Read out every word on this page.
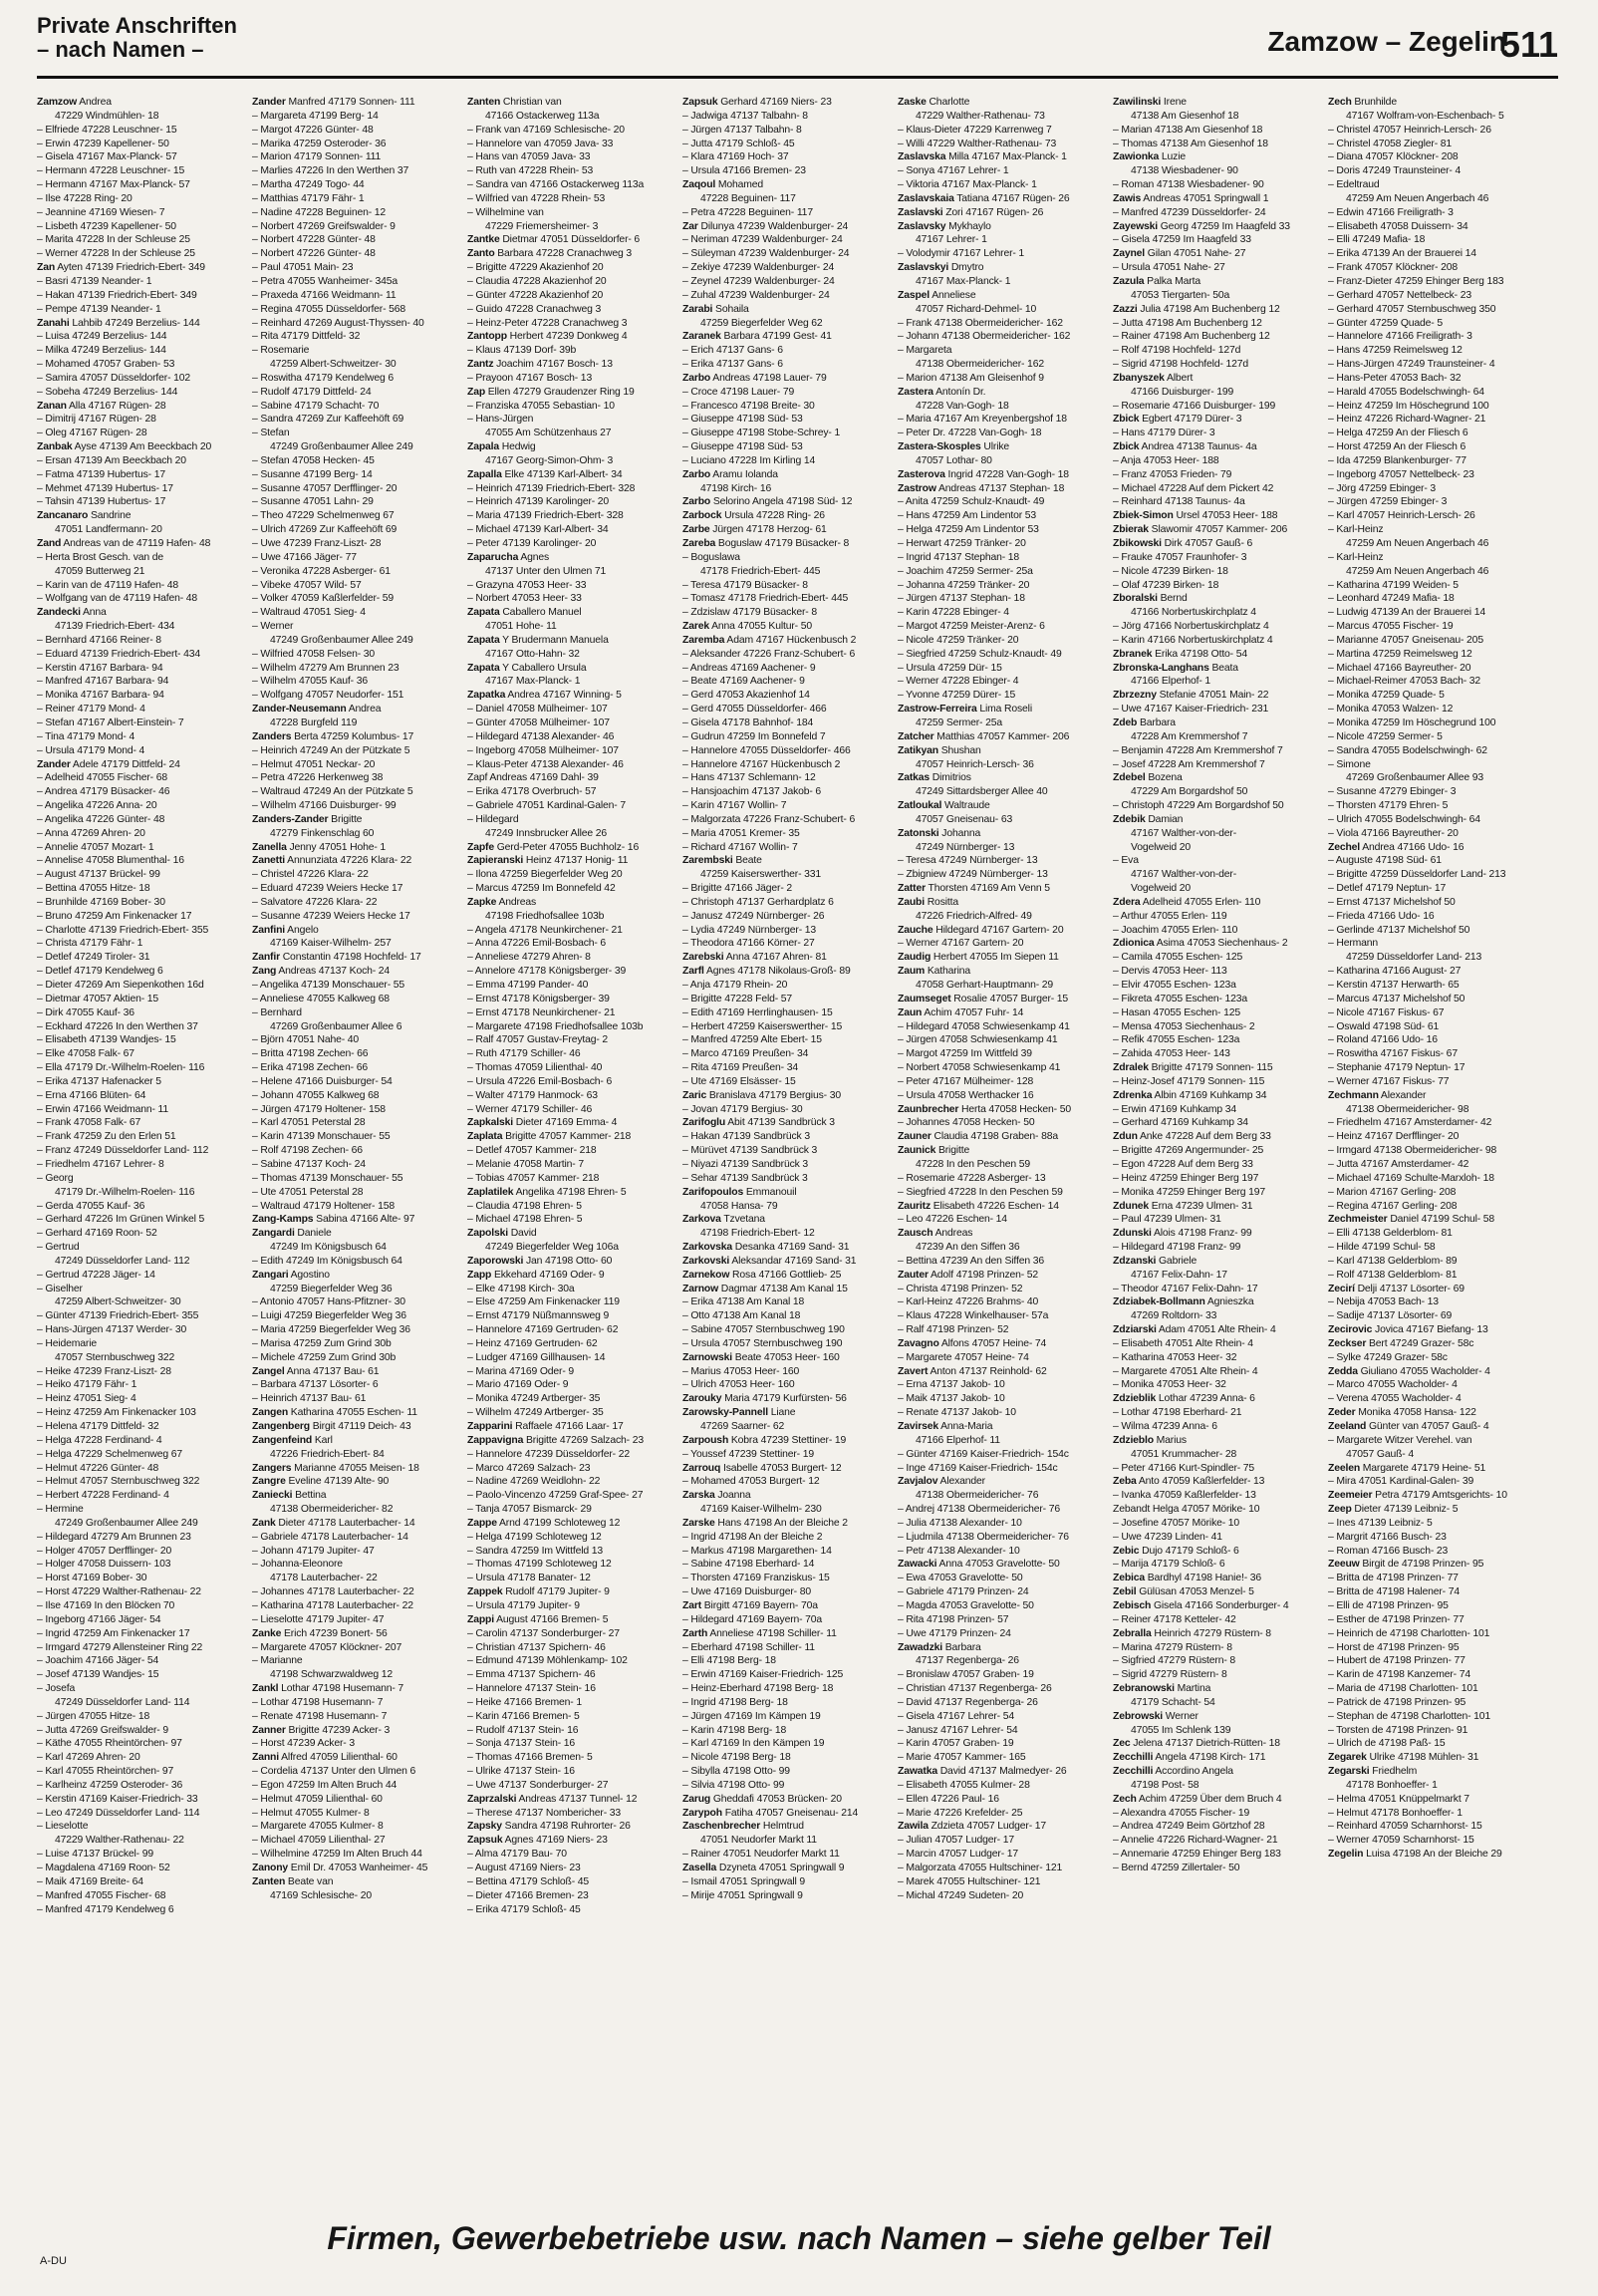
Private Anschriften
– nach Namen –	Zamzow – Zegelin
511
Zamzow Andrea
47229 Windmühlen- 18
– Elfriede 47228 Leuschner- 15
– Erwin 47239 Kapellener- 50
– Gisela 47167 Max-Planck- 57
– Hermann 47228 Leuschner- 15
– Hermann 47167 Max-Planck- 57
– Ilse 47228 Ring- 20
– Jeannine 47169 Wiesen- 7
– Lisbeth 47239 Kapellener- 50
– Marita 47228 In der Schleuse 25
– Werner 47228 In der Schleuse 25
Zan Ayten 47139 Friedrich-Ebert- 349
– Basri 47139 Neander- 1
– Hakan 47139 Friedrich-Ebert- 349
– Pempe 47139 Neander- 1
Zanahi Lahbib 47249 Berzelius- 144
– Luisa 47249 Berzelius- 144
– Milka 47249 Berzelius- 144
– Mohamed 47057 Graben- 53
– Samira 47057 Düsseldorfer- 102
– Sobeha 47249 Berzelius- 144
Zanan Alla 47167 Rügen- 28
– Dimitrij 47167 Rügen- 28
– Oleg 47167 Rügen- 28
Zanbak Ayse 47139 Am Beeckbach 20
– Ersan 47139 Am Beeckbach 20
– Fatma 47139 Hubertus- 17
– Mehmet 47139 Hubertus- 17
– Tahsin 47139 Hubertus- 17
Zancanaro Sandrine
47051 Landfermann- 20
Zand Andreas van de 47119 Hafen- 48
– Herta Brost Gesch. van de
47059 Butterweg 21
– Karin van de 47119 Hafen- 48
– Wolfgang van de 47119 Hafen- 48
Zandecki Anna
47139 Friedrich-Ebert- 434
– Bernhard 47166 Reiner- 8
– Eduard 47139 Friedrich-Ebert- 434
– Kerstin 47167 Barbara- 94
– Manfred 47167 Barbara- 94
– Monika 47167 Barbara- 94
– Reiner 47179 Mond- 4
– Stefan 47167 Albert-Einstein- 7
– Tina 47179 Mond- 4
– Ursula 47179 Mond- 4
Zander Adele 47179 Dittfeld- 24
– Adelheid 47055 Fischer- 68
– Andrea 47179 Büsacker- 46
– Angelika 47226 Anna- 20
– Angelika 47226 Günter- 48
– Anna 47269 Ahren- 20
– Annelie 47057 Mozart- 1
– Annelise 47058 Blumenthal- 16
– August 47137 Brückel- 99
– Bettina 47055 Hitze- 18
– Brunhilde 47169 Bober- 30
– Bruno 47259 Am Finkenacker 17
– Charlotte 47139 Friedrich-Ebert- 355
– Christa 47179 Fähr- 1
– Detlef 47249 Tiroler- 31
– Detlef 47179 Kendelweg 6
– Dieter 47269 Am Siepenkothen 16d
– Dietmar 47057 Aktien- 15
– Dirk 47055 Kauf- 36
– Eckhard 47226 In den Werthen 37
– Elisabeth 47139 Wandjes- 15
– Elke 47058 Falk- 67
– Ella 47179 Dr.-Wilhelm-Roelen- 116
– Erika 47137 Hafenacker 5
– Erna 47166 Blüten- 64
– Erwin 47166 Weidmann- 11
– Frank 47058 Falk- 67
– Frank 47259 Zu den Erlen 51
– Franz 47249 Düsseldorfer Land- 112
– Friedhelm 47167 Lehrer- 8
– Georg
47179 Dr.-Wilhelm-Roelen- 116
– Gerda 47055 Kauf- 36
– Gerhard 47226 Im Grünen Winkel 5
– Gerhard 47169 Roon- 52
– Gertrud
47249 Düsseldorfer Land- 112
– Gertrud 47228 Jäger- 14
– Giselher
47259 Albert-Schweitzer- 30
– Günter 47139 Friedrich-Ebert- 355
– Hans-Jürgen 47137 Werder- 30
– Heidemarie
47057 Sternbuschweg 322
– Heike 47239 Franz-Liszt- 28
– Heiko 47179 Fähr- 1
– Heinz 47051 Sieg- 4
– Heinz 47259 Am Finkenacker 103
– Helena 47179 Dittfeld- 32
– Helga 47228 Ferdinand- 4
– Helga 47229 Schelmenweg 67
– Helmut 47226 Günter- 48
– Helmut 47057 Sternbuschweg 322
– Herbert 47228 Ferdinand- 4
– Hermine
47249 Großenbaumer Allee 249
– Hildegard 47279 Am Brunnen 23
– Holger 47057 Derfflinger- 20
– Holger 47058 Duissern- 103
– Horst 47169 Bober- 30
– Horst 47229 Walther-Rathenau- 22
– Ilse 47169 In den Blöcken 70
– Ingeborg 47166 Jäger- 54
– Ingrid 47259 Am Finkenacker 17
– Irmgard 47279 Allensteiner Ring 22
– Joachim 47166 Jäger- 54
– Josef 47139 Wandjes- 15
– Josefa
47249 Düsseldorfer Land- 114
– Jürgen 47055 Hitze- 18
– Jutta 47269 Greifswalder- 9
– Käthe 47055 Rheintörchen- 97
– Karl 47269 Ahren- 20
– Karl 47055 Rheintörchen- 97
– Karlheinz 47259 Osteroder- 36
– Kerstin 47169 Kaiser-Friedrich- 33
– Leo 47249 Düsseldorfer Land- 114
– Lieselotte
47229 Walther-Rathenau- 22
– Luise 47137 Brückel- 99
– Magdalena 47169 Roon- 52
– Maik 47169 Breite- 64
– Manfred 47055 Fischer- 68
– Manfred 47179 Kendelweg 6
Zander Manfred 47179 Sonnen- 111
– Margareta 47199 Berg- 14
– Margot 47226 Günter- 48
– Marika 47259 Osteroder- 36
– Marion 47179 Sonnen- 111
– Marlies 47226 In den Werthen 37
– Martha 47249 Togo- 44
– Matthias 47179 Fähr- 1
– Nadine 47228 Beguinen- 12
– Norbert 47269 Greifswalder- 9
– Norbert 47228 Günter- 48
– Norbert 47226 Günter- 48
– Paul 47051 Main- 23
– Petra 47055 Wanheimer- 345a
– Praxeda 47166 Weidmann- 11
– Regina 47055 Düsseldorfer- 568
– Reinhard 47269 August-Thyssen- 40
– Rita 47179 Dittfeld- 32
– Rosemarie
47259 Albert-Schweitzer- 30
– Roswitha 47179 Kendelweg 6
– Rudolf 47179 Dittfeld- 24
– Sabine 47179 Schacht- 70
– Sandra 47269 Zur Kaffeehöft 69
– Stefan
47249 Großenbaumer Allee 249
– Stefan 47058 Hecken- 45
– Susanne 47199 Berg- 14
– Susanne 47057 Derfflinger- 20
– Susanne 47051 Lahn- 29
– Theo 47229 Schelmenweg 67
– Ulrich 47269 Zur Kaffeehöft 69
– Uwe 47239 Franz-Liszt- 28
– Uwe 47166 Jäger- 77
– Veronika 47228 Asberger- 61
– Vibeke 47057 Wild- 57
– Volker 47059 Kaßlerfelder- 59
– Waltraud 47051 Sieg- 4
– Werner
47249 Großenbaumer Allee 249
– Wilfried 47058 Felsen- 30
– Wilhelm 47279 Am Brunnen 23
– Wilhelm 47055 Kauf- 36
– Wolfgang 47057 Neudorfer- 151
Zander-Neusemann Andrea
47228 Burgfeld 119
Zanders Berta 47259 Kolumbus- 17
– Heinrich 47249 An der Pützkate 5
– Helmut 47051 Neckar- 20
– Petra 47226 Herkenweg 38
– Waltraud 47249 An der Pützkate 5
– Wilhelm 47166 Duisburger- 99
Zanders-Zander Brigitte
47279 Finkenschlag 60
Zanella Jenny 47051 Hohe- 1
Zanetti Annunziata 47226 Klara- 22
– Christel 47226 Klara- 22
– Eduard 47239 Weiers Hecke 17
– Salvatore 47226 Klara- 22
– Susanne 47239 Weiers Hecke 17
Zanfini Angelo
47169 Kaiser-Wilhelm- 257
Zanfir Constantin 47198 Hochfeld- 17
Zang Andreas 47137 Koch- 24
– Angelika 47139 Monschauer- 55
– Anneliese 47055 Kalkweg 68
– Bernhard
47269 Großenbaumer Allee 6
– Björn 47051 Nahe- 40
– Britta 47198 Zechen- 66
– Erika 47198 Zechen- 66
– Helene 47166 Duisburger- 54
– Johann 47055 Kalkweg 68
– Jürgen 47179 Holtener- 158
– Karl 47051 Peterstal 28
– Karin 47139 Monschauer- 55
– Rolf 47198 Zechen- 66
– Sabine 47137 Koch- 24
– Thomas 47139 Monschauer- 55
– Ute 47051 Peterstal 28
– Waltraud 47179 Holtener- 158
Zang-Kamps Sabina 47166 Alte- 97
Zangardi Daniele
47249 Im Königsbusch 64
– Edith 47249 Im Königsbusch 64
Zangari Agostino
47259 Biegerfelder Weg 36
– Antonio 47057 Hans-Pfitzner- 30
– Luigi 47259 Biegerfelder Weg 36
– Maria 47259 Biegerfelder Weg 36
– Marisa 47259 Zum Grind 30b
– Michele 47259 Zum Grind 30b
Zangel Anna 47137 Bau- 61
– Barbara 47137 Lösorter- 6
– Heinrich 47137 Bau- 61
Zangen Katharina 47055 Eschen- 11
Zangenberg Birgit 47119 Deich- 43
Zangenfeind Karl
47226 Friedrich-Ebert- 84
Zangers Marianne 47055 Meisen- 18
Zangre Eveline 47139 Alte- 90
Zaniecki Bettina
47138 Obermeidericher- 82
Zank Dieter 47178 Lauterbacher- 14
– Gabriele 47178 Lauterbacher- 14
– Johann 47179 Jupiter- 47
– Johanna-Eleonore
47178 Lauterbacher- 22
– Johannes 47178 Lauterbacher- 22
– Katharina 47178 Lauterbacher- 22
– Lieselotte 47179 Jupiter- 47
Zanke Erich 47239 Bonert- 56
– Margarete 47057 Klöckner- 207
– Marianne
47198 Schwarzwaldweg 12
Zankl Lothar 47198 Husemann- 7
– Lothar 47198 Husemann- 7
– Renate 47198 Husemann- 7
Zanner Brigitte 47239 Acker- 3
– Horst 47239 Acker- 3
Zanni Alfred 47059 Lilienthal- 60
– Cordelia 47137 Unter den Ulmen 6
– Egon 47259 Im Alten Bruch 44
– Helmut 47059 Lilienthal- 60
– Helmut 47055 Kulmer- 8
– Margarete 47055 Kulmer- 8
– Michael 47059 Lilienthal- 27
– Wilhelmine 47259 Im Alten Bruch 44
Zanony Emil Dr. 47053 Wanheimer- 45
Zanten Beate van
47169 Schlesische- 20
Zanten Christian van
47166 Ostackerweg 113a
– Frank van 47169 Schlesische- 20
– Hannelore van 47059 Java- 33
– Hans van 47059 Java- 33
– Ruth van 47228 Rhein- 53
– Sandra van 47166 Ostackerweg 113a
– Wilfried van 47228 Rhein- 53
– Wilhelmine van
47229 Friemersheimer- 3
Zantke Dietmar 47051 Düsseldorfer- 6
Zanto Barbara 47228 Cranachweg 3
– Brigitte 47229 Akazienhof 20
– Claudia 47228 Akazienhof 20
– Günter 47228 Akazienhof 20
– Guido 47228 Cranachweg 3
– Heinz-Peter 47228 Cranachweg 3
Zantopp Herbert 47239 Donkweg 4
– Klaus 47139 Dorf- 39b
Zantz Joachim 47167 Bosch- 13
– Prayoon 47167 Bosch- 13
Zap Ellen 47279 Graudenzer Ring 19
– Franziska 47055 Sebastian- 10
– Hans-Jürgen
47055 Am Schützenhaus 27
Zapala Hedwig
47167 Georg-Simon-Ohm- 3
Zapalla Elke 47139 Karl-Albert- 34
– Heinrich 47139 Friedrich-Ebert- 328
– Heinrich 47139 Karolinger- 20
– Maria 47139 Friedrich-Ebert- 328
– Michael 47139 Karl-Albert- 34
– Peter 47139 Karolinger- 20
Zaparucha Agnes
47137 Unter den Ulmen 71
– Grazyna 47053 Heer- 33
– Norbert 47053 Heer- 33
Zapata Caballero Manuel
47051 Hohe- 11
Zapata Y Brudermann Manuela
47167 Otto-Hahn- 32
Zapata Y Caballero Ursula
47167 Max-Planck- 1
Zapatka Andrea 47167 Winning- 5
– Daniel 47058 Mülheimer- 107
– Günter 47058 Mülheimer- 107
– Hildegard 47138 Alexander- 46
– Ingeborg 47058 Mülheimer- 107
– Klaus-Peter 47138 Alexander- 46
Zapf Andreas 47169 Dahl- 39
– Erika 47178 Overbruch- 57
– Gabriele 47051 Kardinal-Galen- 7
– Hildegard
47249 Innsbrucker Allee 26
Zapfe Gerd-Peter 47055 Buchholz- 16
Zapieranski Heinz 47137 Honig- 11
– Ilona 47259 Biegerfelder Weg 20
– Marcus 47259 Im Bonnefeld 42
Zapke Andreas
47198 Friedhofsallee 103b
– Angela 47178 Neunkirchener- 21
– Anna 47226 Emil-Bosbach- 6
– Anneliese 47279 Ahren- 8
– Annelore 47178 Königsberger- 39
– Emma 47199 Pander- 40
– Ernst 47178 Königsberger- 39
– Ernst 47178 Neunkirchener- 21
– Margarete 47198 Friedhofsallee 103b
– Ralf 47057 Gustav-Freytag- 2
– Ruth 47179 Schiller- 46
– Thomas 47059 Lilienthal- 40
– Ursula 47226 Emil-Bosbach- 6
– Walter 47179 Hanmock- 63
– Werner 47179 Schiller- 46
Zapkalski Dieter 47169 Emma- 4
Zaplata Brigitte 47057 Kammer- 218
– Detlef 47057 Kammer- 218
– Melanie 47058 Martin- 7
– Tobias 47057 Kammer- 218
Zaplatilek Angelika 47198 Ehren- 5
– Claudia 47198 Ehren- 5
– Michael 47198 Ehren- 5
Zapolski David
47249 Biegerfelder Weg 106a
Zaporowski Jan 47198 Otto- 60
Zapp Ekkehard 47169 Oder- 9
– Elke 47198 Kirch- 30a
– Else 47259 Am Finkenacker 119
– Ernst 47179 Nüßmannsweg 9
– Hannelore 47169 Gertruden- 62
– Heinz 47169 Gertruden- 62
– Ludger 47169 Gillhausen- 14
– Marina 47169 Oder- 9
– Mario 47169 Oder- 9
– Monika 47249 Artberger- 35
– Wilhelm 47249 Artberger- 35
Zapparini Raffaele 47166 Laar- 17
Zappavigna Brigitte 47269 Salzach- 23
– Hannelore 47239 Düsseldorfer- 22
– Marco 47269 Salzach- 23
– Nadine 47269 Weidlohn- 22
– Paolo-Vincenzo 47259 Graf-Spee- 27
– Tanja 47057 Bismarck- 29
Zappe Arnd 47199 Schloteweg 12
– Helga 47199 Schloteweg 12
– Sandra 47259 Im Wittfeld 13
– Thomas 47199 Schloteweg 12
– Ursula 47178 Banater- 12
Zappek Rudolf 47179 Jupiter- 9
– Ursula 47179 Jupiter- 9
Zappi August 47166 Bremen- 5
– Carolin 47137 Sonderburger- 27
– Christian 47137 Spichern- 46
– Edmund 47139 Möhlenkamp- 102
– Emma 47137 Spichern- 46
– Hannelore 47137 Stein- 16
– Heike 47166 Bremen- 1
– Karin 47166 Bremen- 5
– Rudolf 47137 Stein- 16
– Sonja 47137 Stein- 16
– Thomas 47166 Bremen- 5
– Ulrike 47137 Stein- 16
– Uwe 47137 Sonderburger- 27
Zaprzalski Andreas 47137 Tunnel- 12
– Therese 47137 Nombericher- 33
Zapsky Sandra 47198 Ruhrorter- 26
Zapsuk Agnes 47169 Niers- 23
– Alma 47179 Bau- 70
– August 47169 Niers- 23
– Bettina 47179 Schloß- 45
– Dieter 47166 Bremen- 23
– Erika 47179 Schloß- 45
Zapsuk Gerhard 47169 Niers- 23
– Jadwiga 47137 Talbahn- 8
– Jürgen 47137 Talbahn- 8
– Jutta 47179 Schloß- 45
– Klara 47169 Hoch- 37
– Ursula 47166 Bremen- 23
Zaqoul Mohamed
47228 Beguinen- 117
– Petra 47228 Beguinen- 117
Zar Dilunya 47239 Waldenburger- 24
– Neriman 47239 Waldenburger- 24
– Süleyman 47239 Waldenburger- 24
– Zekiye 47239 Waldenburger- 24
– Zeynel 47239 Waldenburger- 24
– Zuhal 47239 Waldenburger- 24
Zarabi Sohaila
47259 Biegerfelder Weg 62
Zaranek Barbara 47199 Gest- 41
– Erich 47137 Gans- 6
– Erika 47137 Gans- 6
Zarbo Andreas 47198 Lauer- 79
– Croce 47198 Lauer- 79
– Francesco 47198 Breite- 30
– Giuseppe 47198 Süd- 53
– Giuseppe 47198 Stobe-Schrey- 1
– Giuseppe 47198 Süd- 53
– Luciano 47228 Im Kirling 14
Zarbo Aramu Iolanda
47198 Kirch- 16
Zarbo Selorino Angela 47198 Süd- 12
Zarbock Ursula 47228 Ring- 26
Zarbe Jürgen 47178 Herzog- 61
Zareba Boguslaw 47179 Büsacker- 8
– Boguslawa
47178 Friedrich-Ebert- 445
– Teresa 47179 Büsacker- 8
– Tomasz 47178 Friedrich-Ebert- 445
– Zdzislaw 47179 Büsacker- 8
Zarek Anna 47055 Kultur- 50
Zaremba Adam 47167 Hückenbusch 2
– Aleksander 47226 Franz-Schubert- 6
– Andreas 47169 Aachener- 9
– Beate 47169 Aachener- 9
– Gerd 47053 Akazienhof 14
– Gerd 47055 Düsseldorfer- 466
– Gisela 47178 Bahnhof- 184
– Gudrun 47259 Im Bonnefeld 7
– Hannelore 47055 Düsseldorfer- 466
– Hannelore 47167 Hückenbusch 2
– Hans 47137 Schlemann- 12
– Hansjoachim 47137 Jakob- 6
– Karin 47167 Wollin- 7
– Malgorzata 47226 Franz-Schubert- 6
– Maria 47051 Kremer- 35
– Richard 47167 Wollin- 7
Zarembski Beate
47259 Kaiserswerther- 331
– Brigitte 47166 Jäger- 2
– Christoph 47137 Gerhardplatz 6
– Janusz 47249 Nürnberger- 26
– Lydia 47249 Nürnberger- 13
– Theodora 47166 Körner- 27
Zarebski Anna 47167 Ahren- 81
Zarfl Agnes 47178 Nikolaus-Groß- 89
– Anja 47179 Rhein- 20
– Brigitte 47228 Feld- 57
– Edith 47169 Herrlinghausen- 15
– Herbert 47259 Kaiserswerther- 15
– Manfred 47259 Alte Ebert- 15
– Marco 47169 Preußen- 34
– Rita 47169 Preußen- 34
– Ute 47169 Elsässer- 15
Zaric Branislava 47179 Bergius- 30
– Jovan 47179 Bergius- 30
Zarifoglu Abit 47139 Sandbrück 3
– Hakan 47139 Sandbrück 3
– Mürüvet 47139 Sandbrück 3
– Niyazi 47139 Sandbrück 3
– Sehar 47139 Sandbrück 3
Zarifopoulos Emmanouil
47058 Hansa- 79
Zarkova Tzvetana
47198 Friedrich-Ebert- 12
Zarkovska Desanka 47169 Sand- 31
Zarkovski Aleksandar 47169 Sand- 31
Zarnekow Rosa 47166 Gottlieb- 25
Zarnow Dagmar 47138 Am Kanal 15
– Erika 47138 Am Kanal 18
– Otto 47138 Am Kanal 18
– Sabine 47057 Sternbuschweg 190
– Ursula 47057 Sternbuschweg 190
Zarnowski Beate 47053 Heer- 160
– Marius 47053 Heer- 160
– Ulrich 47053 Heer- 160
Zarouky Maria 47179 Kurfürsten- 56
Zarowsky-Pannell Liane
47269 Saarner- 62
Zarpoush Kobra 47239 Stettiner- 19
– Youssef 47239 Stettiner- 19
Zarrouq Isabelle 47053 Burgert- 12
– Mohamed 47053 Burgert- 12
Zarska Joanna
47169 Kaiser-Wilhelm- 230
Zarske Hans 47198 An der Bleiche 2
– Ingrid 47198 An der Bleiche 2
– Markus 47198 Margarethen- 14
– Sabine 47198 Eberhard- 14
– Thorsten 47169 Franziskus- 15
– Uwe 47169 Duisburger- 80
Zart Birgitt 47169 Bayern- 70a
– Hildegard 47169 Bayern- 70a
Zarth Anneliese 47198 Schiller- 11
– Eberhard 47198 Schiller- 11
– Elli 47198 Berg- 18
– Erwin 47169 Kaiser-Friedrich- 125
– Heinz-Eberhard 47198 Berg- 18
– Ingrid 47198 Berg- 18
– Jürgen 47169 Im Kämpen 19
– Karin 47198 Berg- 18
– Karl 47169 In den Kämpen 19
– Nicole 47198 Berg- 18
– Sibylla 47198 Otto- 99
– Silvia 47198 Otto- 99
Zarug Gheddafi 47053 Brücken- 20
Zarypoh Fatiha 47057 Gneisenau- 214
Zaschenbrecher Helmtrud
47051 Neudorfer Markt 11
– Rainer 47051 Neudorfer Markt 11
Zasella Dzyneta 47051 Springwall 9
– Ismail 47051 Springwall 9
– Mirije 47051 Springwall 9
Zaske Charlotte
47229 Walther-Rathenau- 73
– Klaus-Dieter 47229 Karrenweg 7
– Willi 47229 Walther-Rathenau- 73
Zaslavska Milla 47167 Max-Planck- 1
– Sonya 47167 Lehrer- 1
– Viktoria 47167 Max-Planck- 1
Zaslavskaia Tatiana 47167 Rügen- 26
Zaslavski Zori 47167 Rügen- 26
Zaslavsky Mykhaylo
47167 Lehrer- 1
– Volodymir 47167 Lehrer- 1
Zaslavskyi Dmytro
47167 Max-Planck- 1
Zaspel Anneliese
47057 Richard-Dehmel- 10
– Frank 47138 Obermeidericher- 162
– Johann 47138 Obermeidericher- 162
– Margareta
47138 Obermeidericher- 162
– Marion 47138 Am Gleisenhof 9
Zastera Antonín Dr.
47228 Van-Gogh- 18
– Maria 47167 Am Kreyenbergshof 18
– Peter Dr. 47228 Van-Gogh- 18
Zastera-Skosples Ulrike
47057 Lothar- 80
Zasterova Ingrid 47228 Van-Gogh- 18
Zastrow Andreas 47137 Stephan- 18
– Anita 47259 Schulz-Knaudt- 49
– Hans 47259 Am Lindentor 53
– Helga 47259 Am Lindentor 53
– Herwart 47259 Tränker- 20
– Ingrid 47137 Stephan- 18
– Joachim 47259 Sermer- 25a
– Johanna 47259 Tränker- 20
– Jürgen 47137 Stephan- 18
– Karin 47228 Ebinger- 4
– Margot 47259 Meister-Arenz- 6
– Nicole 47259 Tränker- 20
– Siegfried 47259 Schulz-Knaudt- 49
– Ursula 47259 Dür- 15
– Werner 47228 Ebinger- 4
– Yvonne 47259 Dürer- 15
Zastrow-Ferreira Lima Roseli
47259 Sermer- 25a
Zatcher Matthias 47057 Kammer- 206
Zatikyan Shushan
47057 Heinrich-Lersch- 36
Zatkas Dimitrios
47249 Sittardsberger Allee 40
Zatloukal Waltraude
47057 Gneisenau- 63
Zatonski Johanna
47249 Nürnberger- 13
– Teresa 47249 Nürnberger- 13
– Zbigniew 47249 Nürnberger- 13
Zatter Thorsten 47169 Am Venn 5
Zaubi Rositta
47226 Friedrich-Alfred- 49
Zauche Hildegard 47167 Gartern- 20
– Werner 47167 Gartern- 20
Zaudig Herbert 47055 Im Siepen 11
Zaum Katharina
47058 Gerhart-Hauptmann- 29
Zaumseget Rosalie 47057 Burger- 15
Zaun Achim 47057 Fuhr- 14
– Hildegard 47058 Schwiesenkamp 41
– Jürgen 47058 Schwiesenkamp 41
– Margot 47259 Im Wittfeld 39
– Norbert 47058 Schwiesenkamp 41
– Peter 47167 Mülheimer- 128
– Ursula 47058 Werthacker 16
Zaunbrecher Herta 47058 Hecken- 50
– Johannes 47058 Hecken- 50
Zauner Claudia 47198 Graben- 88a
Zaunick Brigitte
47228 In den Peschen 59
– Rosemarie 47228 Asberger- 13
– Siegfried 47228 In den Peschen 59
Zauritz Elisabeth 47226 Eschen- 14
– Leo 47226 Eschen- 14
Zausch Andreas
47239 An den Siffen 36
– Bettina 47239 An den Siffen 36
Zauter Adolf 47198 Prinzen- 52
– Christa 47198 Prinzen- 52
– Karl-Heinz 47226 Brahms- 40
– Klaus 47228 Winkelhauser- 57a
– Ralf 47198 Prinzen- 52
Zavagno Alfons 47057 Heine- 74
– Margarete 47057 Heine- 74
Zavert Anton 47137 Reinhold- 62
– Erna 47137 Jakob- 10
– Maik 47137 Jakob- 10
– Renate 47137 Jakob- 10
Zavirsek Anna-Maria
47166 Elperhof- 11
– Günter 47169 Kaiser-Friedrich- 154c
– Inge 47169 Kaiser-Friedrich- 154c
Zavjalov Alexander
47138 Obermeidericher- 76
– Andrej 47138 Obermeidericher- 76
– Julia 47138 Alexander- 10
– Ljudmila 47138 Obermeidericher- 76
– Petr 47138 Alexander- 10
Zawacki Anna 47053 Gravelotte- 50
– Ewa 47053 Gravelotte- 50
– Gabriele 47179 Prinzen- 24
– Magda 47053 Gravelotte- 50
– Rita 47198 Prinzen- 57
– Uwe 47179 Prinzen- 24
Zawadzki Barbara
47137 Regenberga- 26
– Bronislaw 47057 Graben- 19
– Christian 47137 Regenberga- 26
– David 47137 Regenberga- 26
– Gisela 47167 Lehrer- 54
– Janusz 47167 Lehrer- 54
– Karin 47057 Graben- 19
– Marie 47057 Kammer- 165
Zawatka David 47137 Malmedyer- 26
– Elisabeth 47055 Kulmer- 28
– Ellen 47226 Paul- 16
– Marie 47226 Krefelder- 25
Zawila Zdzieta 47057 Ludger- 17
– Julian 47057 Ludger- 17
– Marcin 47057 Ludger- 17
– Malgorzata 47055 Hultschiner- 121
– Marek 47055 Hultschiner- 121
– Michal 47249 Sudeten- 20
Zawilinski Irene
47138 Am Giesenhof 18
– Marian 47138 Am Giesenhof 18
– Thomas 47138 Am Giesenhof 18
Zawionka Luzie
47138 Wiesbadener- 90
– Roman 47138 Wiesbadener- 90
Zawis Andreas 47051 Springwall 1
– Manfred 47239 Düsseldorfer- 24
Zayewski Georg 47259 Im Haagfeld 33
– Gisela 47259 Im Haagfeld 33
Zaynel Gilan 47051 Nahe- 27
– Ursula 47051 Nahe- 27
Zazula Palka Marta
47053 Tiergarten- 50a
Zazzi Julia 47198 Am Buchenberg 12
– Jutta 47198 Am Buchenberg 12
– Rainer 47198 Am Buchenberg 12
– Rolf 47198 Hochfeld- 127d
– Sigrid 47198 Hochfeld- 127d
Zbanyszek Albert
47166 Duisburger- 199
– Rosemarie 47166 Duisburger- 199
Zbick Egbert 47179 Dürer- 3
– Hans 47179 Dürer- 3
Zbick Andrea 47138 Taunus- 4a
– Anja 47053 Heer- 188
– Franz 47053 Frieden- 79
– Michael 47228 Auf dem Pickert 42
– Reinhard 47138 Taunus- 4a
Zbiek-Simon Ursel 47053 Heer- 188
Zbierak Slawomir 47057 Kammer- 206
Zbikowski Dirk 47057 Gauß- 6
– Frauke 47057 Fraunhofer- 3
– Nicole 47239 Birken- 18
– Olaf 47239 Birken- 18
Zboralski Bernd
47166 Norbertuskirchplatz 4
– Jörg 47166 Norbertuskirchplatz 4
– Karin 47166 Norbertuskirchplatz 4
Zbranek Erika 47198 Otto- 54
Zbronska-Langhans Beata
47166 Elperhof- 1
Zbrzezny Stefanie 47051 Main- 22
– Uwe 47167 Kaiser-Friedrich- 231
Zdeb Barbara
47228 Am Kremmershof 7
– Benjamin 47228 Am Kremmershof 7
– Josef 47228 Am Kremmershof 7
Zdebel Bozena
47229 Am Borgardshof 50
– Christoph 47229 Am Borgardshof 50
Zdebik Damian
47167 Walther-von-der-
Vogelweid 20
– Eva
47167 Walther-von-der-
Vogelweid 20
Zdera Adelheid 47055 Erlen- 110
– Arthur 47055 Erlen- 119
– Joachim 47055 Erlen- 110
Zdionica Asima 47053 Siechenhaus- 2
– Camila 47055 Eschen- 125
– Dervis 47053 Heer- 113
– Elvir 47055 Eschen- 123a
– Fikreta 47055 Eschen- 123a
– Hasan 47055 Eschen- 125
– Mensa 47053 Siechenhaus- 2
– Refik 47055 Eschen- 123a
– Zahida 47053 Heer- 143
Zdralek Brigitte 47179 Sonnen- 115
– Heinz-Josef 47179 Sonnen- 115
Zdrenka Albin 47169 Kuhkamp 34
– Erwin 47169 Kuhkamp 34
– Gerhard 47169 Kuhkamp 34
Zdun Anke 47228 Auf dem Berg 33
– Brigitte 47269 Angermunder- 25
– Egon 47228 Auf dem Berg 33
– Heinz 47259 Ehinger Berg 197
– Monika 47259 Ehinger Berg 197
Zdunek Erna 47239 Ulmen- 31
– Paul 47239 Ulmen- 31
Zdunski Alois 47198 Franz- 99
– Hildegard 47198 Franz- 99
Zdzanski Gabriele
47167 Felix-Dahn- 17
– Theodor 47167 Felix-Dahn- 17
Zdziabek-Bollmann Agnieszka
47269 Roltdorn- 33
Zdziarski Adam 47051 Alte Rhein- 4
– Elisabeth 47051 Alte Rhein- 4
– Katharina 47053 Heer- 32
– Margarete 47051 Alte Rhein- 4
– Monika 47053 Heer- 32
Zdzieblik Lothar 47239 Anna- 6
– Lothar 47198 Eberhard- 21
– Wilma 47239 Anna- 6
Zdzieblo Marius
47051 Krummacher- 28
– Peter 47166 Kurt-Spindler- 75
Zeba Anto 47059 Kaßlerfelder- 13
– Ivanka 47059 Kaßlerfelder- 13
Zebandt Helga 47057 Mörike- 10
– Josefine 47057 Mörike- 10
– Uwe 47239 Linden- 41
Zebic Dujo 47179 Schloß- 6
– Marija 47179 Schloß- 6
Zebica Bardhyl 47198 Hanie!- 36
Zebil Gülüsan 47053 Menzel- 5
Zebisch Gisela 47166 Sonderburger- 4
– Reiner 47178 Ketteler- 42
Zebralla Heinrich 47279 Rüstern- 8
– Marina 47279 Rüstern- 8
– Sigfried 47279 Rüstern- 8
– Sigrid 47279 Rüstern- 8
Zebranowski Martina
47179 Schacht- 54
Zebrowski Werner
47055 Im Schlenk 139
Zec Jelena 47137 Dietrich-Rütten- 18
Zecchilli Angela 47198 Kirch- 171
Zecchilli Accordino Angela
47198 Post- 58
Zech Achim 47259 Über dem Bruch 4
– Alexandra 47055 Fischer- 19
– Andrea 47249 Beim Görtzhof 28
– Annelie 47226 Richard-Wagner- 21
– Annemarie 47259 Ehinger Berg 183
– Bernd 47259 Zillertaler- 50
Zech Brunhilde
47167 Wolfram-von-Eschenbach- 5
– Christel 47057 Heinrich-Lersch- 26
– Christel 47058 Ziegler- 81
– Diana 47057 Klöckner- 208
– Doris 47249 Traunsteiner- 4
– Edeltraud
47259 Am Neuen Angerbach 46
– Edwin 47166 Freiligrath- 3
– Elisabeth 47058 Duissern- 34
– Elli 47249 Mafia- 18
– Erika 47139 An der Brauerei 14
– Frank 47057 Klöckner- 208
– Franz-Dieter 47259 Ehinger Berg 183
– Gerhard 47057 Nettelbeck- 23
– Gerhard 47057 Sternbuschweg 350
– Günter 47259 Quade- 5
– Hannelore 47166 Freiligrath- 3
– Hans 47259 Reimelsweg 12
– Hans-Jürgen 47249 Traunsteiner- 4
– Hans-Peter 47053 Bach- 32
– Harald 47055 Bodelschwingh- 64
– Heinz 47259 Im Höschegrund 100
– Heinz 47226 Richard-Wagner- 21
– Helga 47259 An der Fliesch 6
– Horst 47259 An der Fliesch 6
– Ida 47259 Blankenburger- 77
– Ingeborg 47057 Nettelbeck- 23
– Jörg 47259 Ebinger- 3
– Jürgen 47259 Ebinger- 3
– Karl 47057 Heinrich-Lersch- 26
– Karl-Heinz
47259 Am Neuen Angerbach 46
– Karl-Heinz
47259 Am Neuen Angerbach 46
– Katharina 47199 Weiden- 5
– Leonhard 47249 Mafia- 18
– Ludwig 47139 An der Brauerei 14
– Marcus 47055 Fischer- 19
– Marianne 47057 Gneisenau- 205
– Martina 47259 Reimelsweg 12
– Michael 47166 Bayreuther- 20
– Michael-Reimer 47053 Bach- 32
– Monika 47259 Quade- 5
– Monika 47053 Walzen- 12
– Monika 47259 Im Höschegrund 100
– Nicole 47259 Sermer- 5
– Sandra 47055 Bodelschwingh- 62
– Simone
47269 Großenbaumer Allee 93
– Susanne 47279 Ebinger- 3
– Thorsten 47179 Ehren- 5
– Ulrich 47055 Bodelschwingh- 64
– Viola 47166 Bayreuther- 20
Zechel Andrea 47166 Udo- 16
– Auguste 47198 Süd- 61
– Brigitte 47259 Düsseldorfer Land- 213
– Detlef 47179 Neptun- 17
– Ernst 47137 Michelshof 50
– Frieda 47166 Udo- 16
– Gerlinde 47137 Michelshof 50
– Hermann
47259 Düsseldorfer Land- 213
– Katharina 47166 August- 27
– Kerstin 47137 Herwarth- 65
– Marcus 47137 Michelshof 50
– Nicole 47167 Fiskus- 67
– Oswald 47198 Süd- 61
– Roland 47166 Udo- 16
– Roswitha 47167 Fiskus- 67
– Stephanie 47179 Neptun- 17
– Werner 47167 Fiskus- 77
Zechmann Alexander
47138 Obermeidericher- 98
– Friedhelm 47167 Amsterdamer- 42
– Heinz 47167 Derfflinger- 20
– Irmgard 47138 Obermeidericher- 98
– Jutta 47167 Amsterdamer- 42
– Michael 47169 Schulte-Marxloh- 18
– Marion 47167 Gerling- 208
– Regina 47167 Gerling- 208
Zechmeister Daniel 47199 Schul- 58
– Elli 47138 Gelderblom- 81
– Hilde 47199 Schul- 58
– Karl 47138 Gelderblom- 89
– Rolf 47138 Gelderblom- 81
Zecirí Delji 47137 Lösorter- 69
– Nebija 47053 Bach- 13
– Sadije 47137 Lösorter- 69
Zecirovic Jovica 47167 Biefang- 13
Zeckser Bert 47249 Grazer- 58c
– Sylke 47249 Grazer- 58c
Zedda Giuliano 47055 Wacholder- 4
– Marco 47055 Wacholder- 4
– Verena 47055 Wacholder- 4
Zeder Monika 47058 Hansa- 122
Zeeland Günter van 47057 Gauß- 4
– Margarete Witzer Verehel. van
47057 Gauß- 4
Zeelen Margarete 47179 Heine- 51
– Mira 47051 Kardinal-Galen- 39
Zeemeier Petra 47179 Amtsgerichts- 10
Zeep Dieter 47139 Leibniz- 5
– Ines 47139 Leibniz- 5
– Margrit 47166 Busch- 23
– Roman 47166 Busch- 23
Zeeuw Birgit de 47198 Prinzen- 95
– Britta de 47198 Prinzen- 77
– Britta de 47198 Halener- 74
– Elli de 47198 Prinzen- 95
– Esther de 47198 Prinzen- 77
– Heinrich de 47198 Charlotten- 101
– Horst de 47198 Prinzen- 95
– Hubert de 47198 Prinzen- 77
– Karin de 47198 Kanzemer- 74
– Maria de 47198 Charlotten- 101
– Patrick de 47198 Prinzen- 95
– Stephan de 47198 Charlotten- 101
– Torsten de 47198 Prinzen- 91
– Ulrich de 47198 Paß- 15
Zegarek Ulrike 47198 Mühlen- 31
Zegarski Friedhelm
47178 Bonhoeffer- 1
– Helma 47051 Knüppelmarkt 7
– Helmut 47178 Bonhoeffer- 1
– Reinhard 47059 Scharnhorst- 15
– Werner 47059 Scharnhorst- 15
Zegelin Luisa 47198 An der Bleiche 29
Firmen, Gewerbebetriebe usw. nach Namen – siehe gelber Teil
A-DU
